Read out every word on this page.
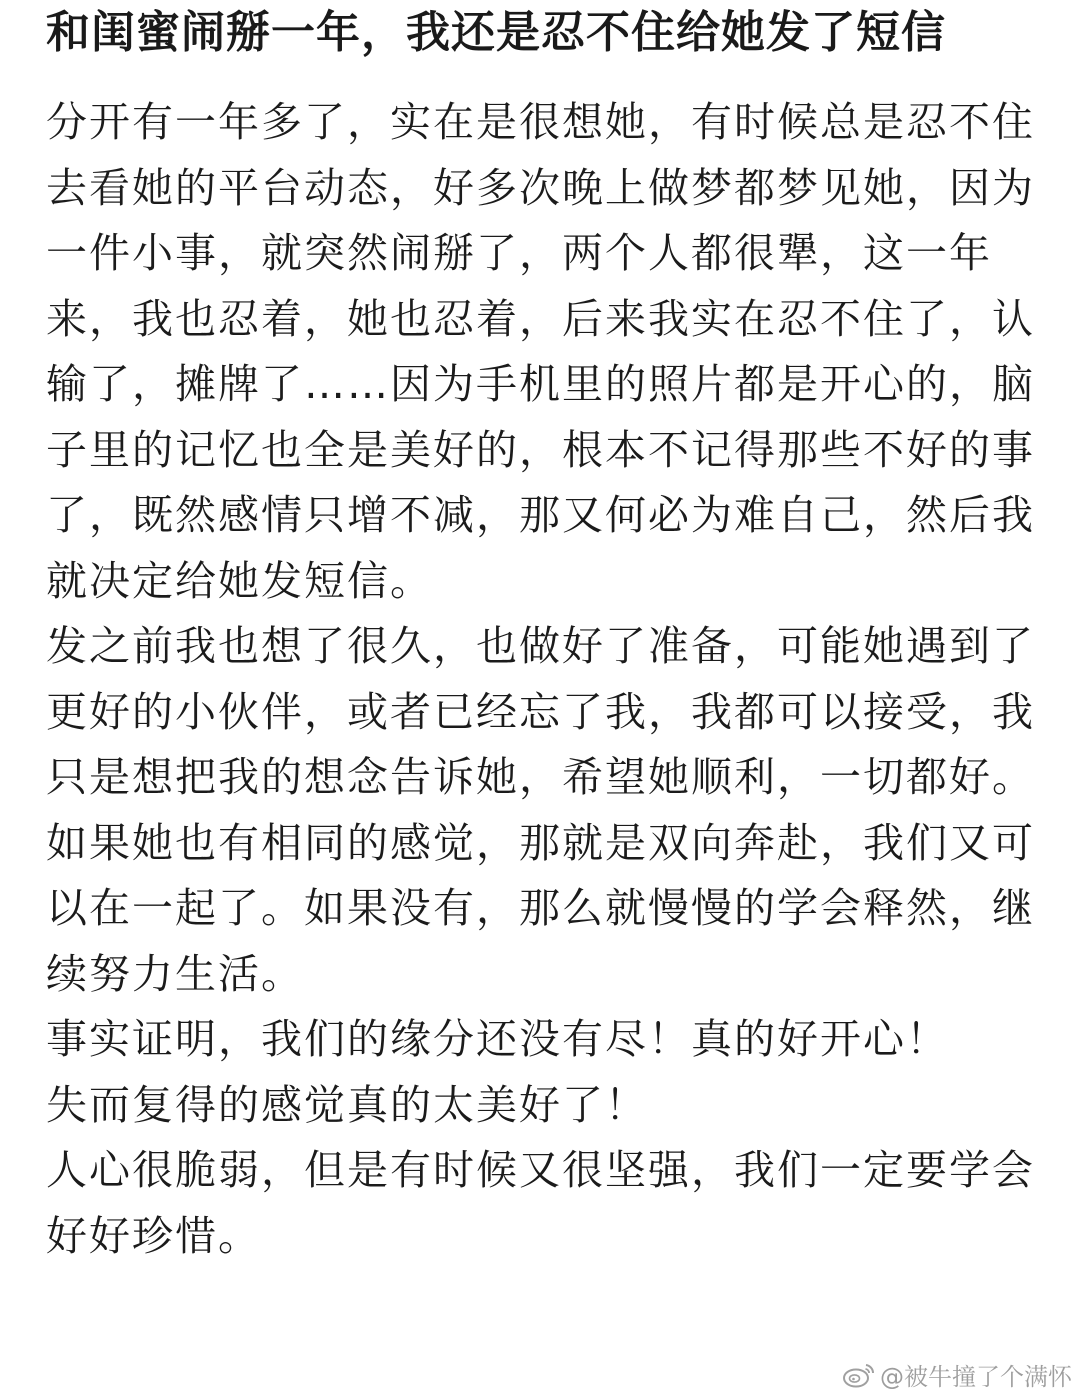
和闺蜜闹掰一年，我还是忍不住给她发了短信

分开有一年多了，实在是很想她，有时候总是忍不住去看她的平台动态，好多次晚上做梦都梦见她，因为一件小事，就突然闹掰了，两个人都很犟，这一年来，我也忍着，她也忍着，后来我实在忍不住了，认输了，摊牌了……因为手机里的照片都是开心的，脑子里的记忆也全是美好的，根本不记得那些不好的事了，既然感情只增不减，那又何必为难自己，然后我就决定给她发短信。

发之前我也想了很久，也做好了准备，可能她遇到了更好的小伙伴，或者已经忘了我，我都可以接受，我只是想把我的想念告诉她，希望她顺利，一切都好。如果她也有相同的感觉，那就是双向奔赴，我们又可以在一起了。如果没有，那么就慢慢的学会释然，继续努力生活。

事实证明，我们的缘分还没有尽！真的好开心！

失而复得的感觉真的太美好了！

人心很脆弱，但是有时候又很坚强，我们一定要学会好好珍惜。

@被牛撞了个满怀
